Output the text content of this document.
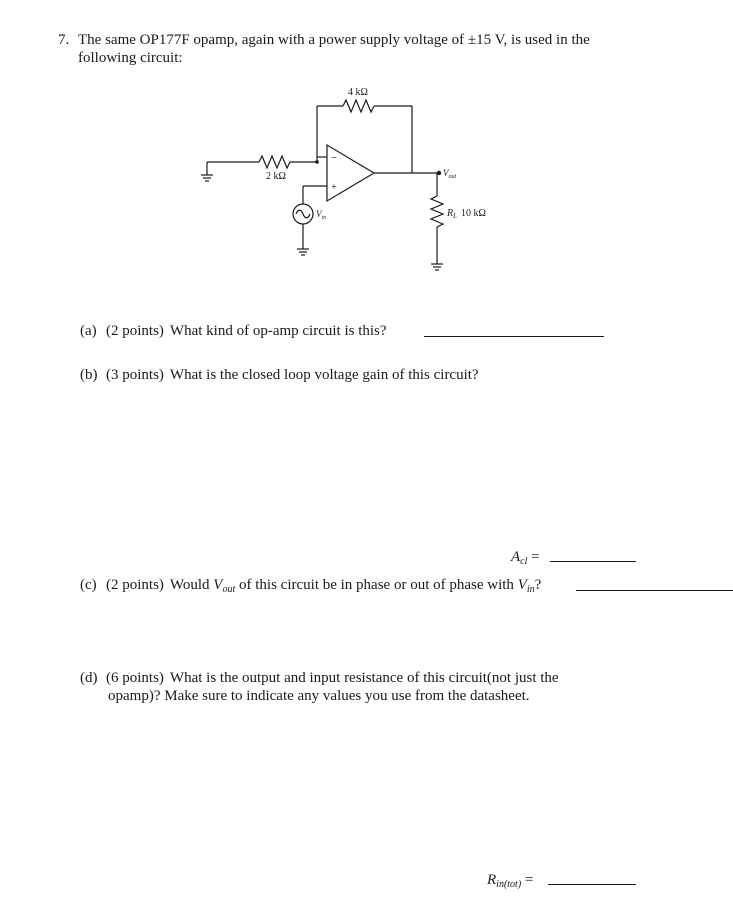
7. The same OP177F opamp, again with a power supply voltage of ±15 V, is used in the
following circuit:
4 kΩ
2 kΩ
−
+
$V_{in}$
$V_{out}$
$R_L$ 10 kΩ
(a) (2 points) What kind of op-amp circuit is this?
(b) (3 points) What is the closed loop voltage gain of this circuit?
$A_{cl}$ =
(c) (2 points) Would $V_{out}$ of this circuit be in phase or out of phase with $V_{in}$?
(d) (6 points) What is the output and input resistance of this circuit(not just the
opamp)? Make sure to indicate any values you use from the datasheet.
$R_{in(tot)}$ =
